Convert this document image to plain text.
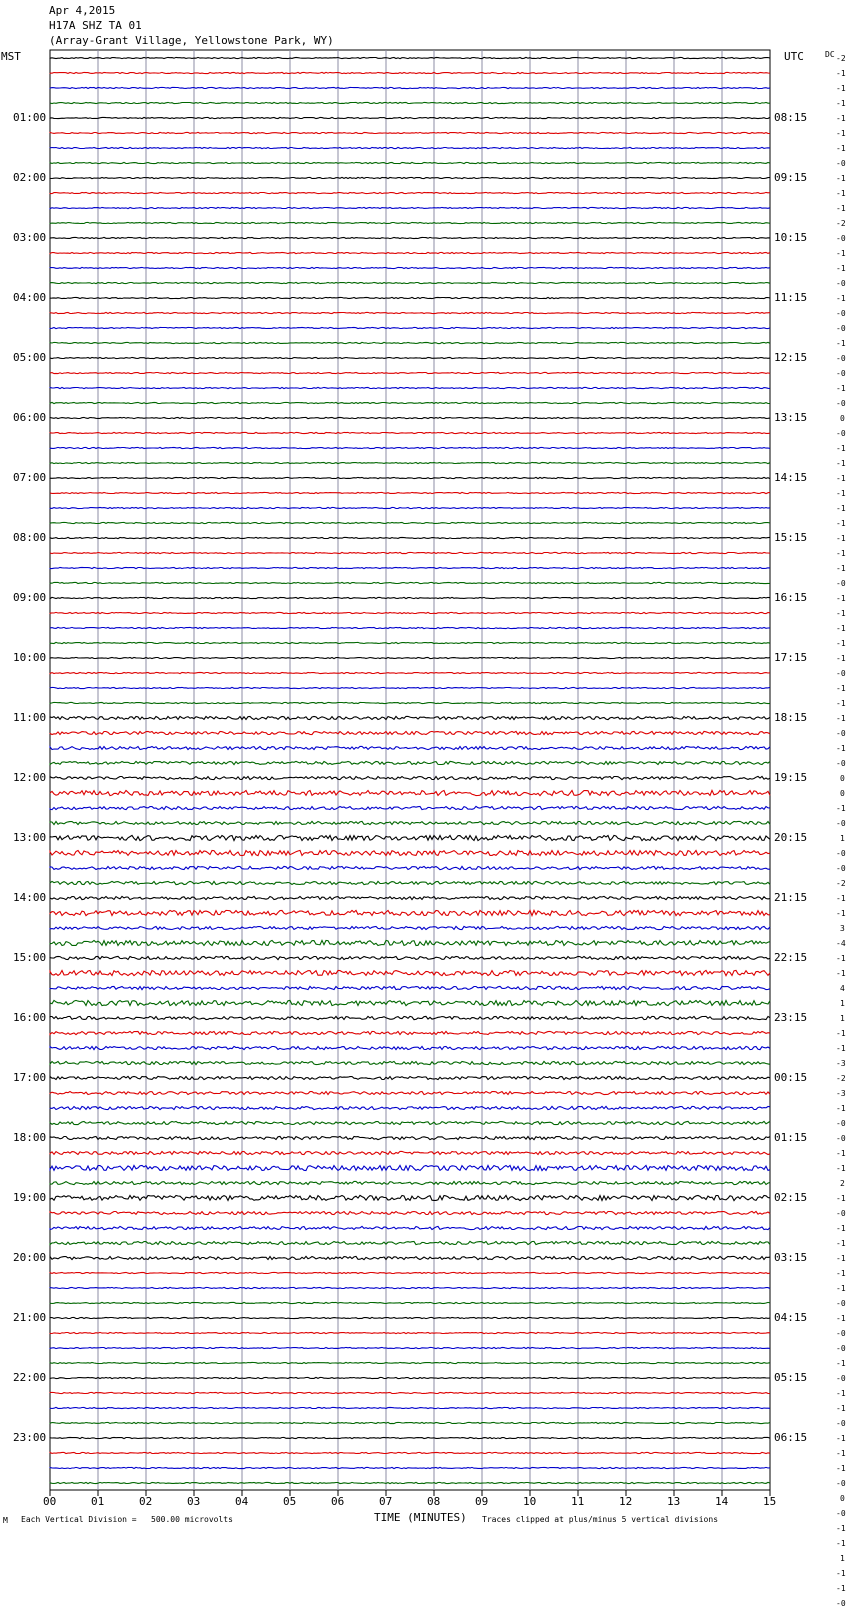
Apr 4,2015
H17A SHZ TA 01
(Array-Grant Village, Yellowstone Park, WY)
MST	UTC	DC
01:00
02:00
03:00
04:00
05:00
06:00
07:00
08:00
09:00
10:00
11:00
12:00
13:00
14:00
15:00
16:00
17:00
18:00
19:00
20:00
21:00
22:00
23:00
08:15
09:15
10:15
11:15
12:15
13:15
14:15
15:15
16:15
17:15
18:15
19:15
20:15
21:15
22:15
23:15
00:15
01:15
02:15
03:15
04:15
05:15
06:15
-2
-1
-1
-1
-1
-1
-1
-0
-1
-1
-1
-2
-0
-1
-1
-0
-1
-0
-0
-1
-0
-0
-1
-0
0
-0
-1
-1
-1
-1
-1
-1
-1
-1
-1
-0
-1
-1
-1
-1
-1
-0
-1
-1
-1
-0
-1
-0
0
0
-1
-0
1
-0
-0
-2
-1
-1
3
-4
-1
-1
4
1
1
-1
-1
-3
-2
-3
-1
-0
-0
-1
-1
2
-1
-0
-1
-1
-1
-1
-1
-0
-1
-0
-0
-1
-0
-1
-1
-0
-1
-1
-1
-0
0
-0
-1
-1
1
-1
-1
-0
00	01	02	03	04	05	06	07	08	09	10	11	12	13	14	15
M Each Vertical Division =   500.00 microvolts	TIME (MINUTES) Traces clipped at plus/minus 5 vertical divisions
